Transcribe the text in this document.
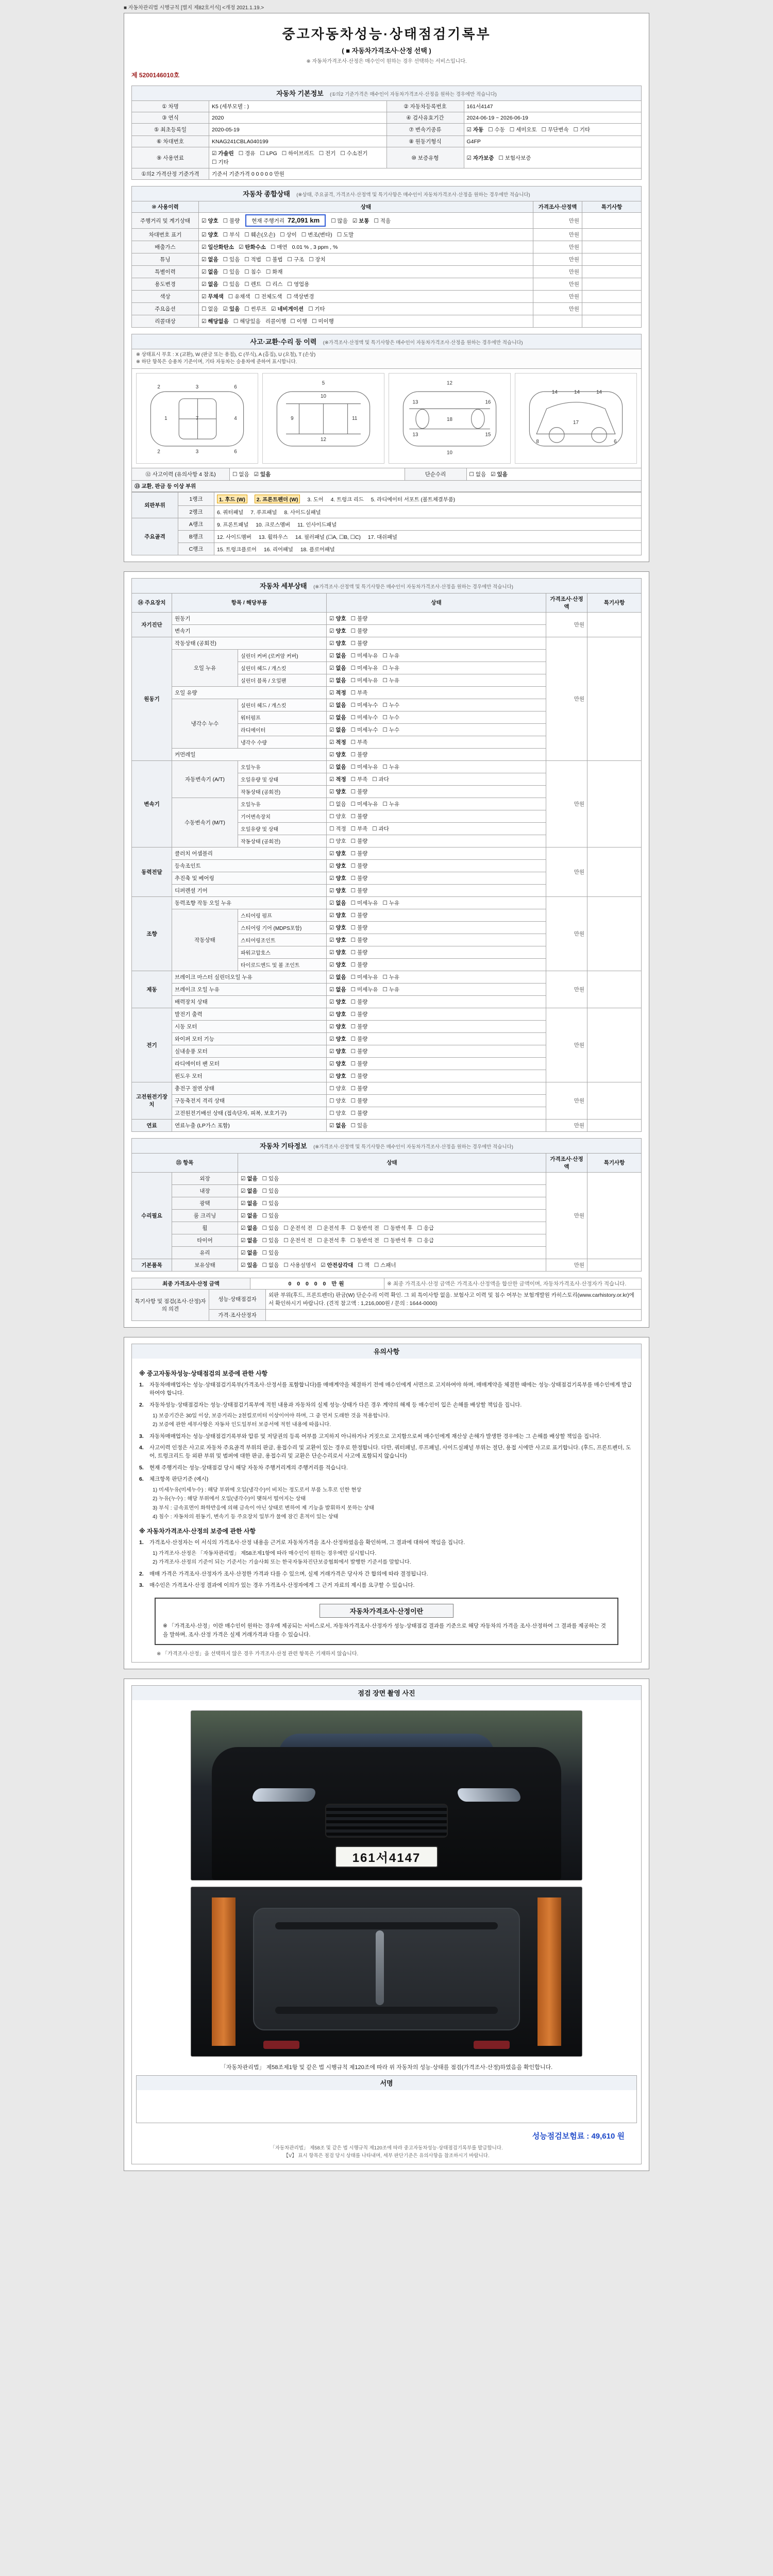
■ 자동차관리법 시행규칙 [별지 제82호서식] <개정 2021.1.19.>
중고자동차성능·상태점검기록부
( ■ 자동차가격조사·산정 선택 )
※ 자동차가격조사·산정은 매수인이 원하는 경우 선택하는 서비스입니다.
제 5200146010호
자동차 기본정보 (①의2 기준가격은 매수인이 자동차가격조사·산정을 원하는 경우에만 적습니다)
① 차명	K5 (세부모델 : )	② 자동차등록번호	161서4147
③ 연식	2020	④ 검사유효기간	2024-06-19 ~ 2026-06-19
⑤ 최초등록일	2020-05-19	⑦ 변속기종류	☑ 자동 ☐ 수동 ☐ 세미오토 ☐ 무단변속 ☐ 기타
⑥ 차대번호	KNAG241CBLA040199	⑧ 원동기형식	G4FP
⑨ 사용연료	☑ 가솔린 ☐ 경유 ☐ LPG ☐ 하이브리드 ☐ 전기 ☐ 수소전기☐ 기타	⑩ 보증유형	☑ 자가보증 ☐ 보험사보증
①의2 가격산정 기준가격	기준서 기준가격 0 0 0 0 0 만원		
자동차 종합상태 (※상태, 주요골격, 가격조사·산정액 및 특기사항은 매수인이 자동차가격조사·산정을 원하는 경우에만 적습니다)
⑩ 사용이력	상태	가격조사·산정액	특기사항
주행거리 및 계기상태	☑ 양호 ☐ 불량 현재 주행거리 72,091 km ☐ 많음 ☑ 보통 ☐ 적음	만원	
차대번호 표기	☑ 양호 ☐ 부식 ☐ 훼손(오손) ☐ 상이 ☐ 변조(변타) ☐ 도말	만원	
배출가스	☑ 일산화탄소 ☑ 탄화수소 ☐ 매연 0.01 % , 3 ppm , %	만원	
튜닝	☑ 없음 ☐ 있음 ☐ 적법 ☐ 불법 ☐ 구조 ☐ 장치	만원	
특별이력	☑ 없음 ☐ 있음 ☐ 침수 ☐ 화재	만원	
용도변경	☑ 없음 ☐ 있음 ☐ 렌트 ☐ 리스 ☐ 영업용	만원	
색상	☑ 무채색 ☐ 유채색 ☐ 전체도색 ☐ 색상변경	만원	
주요옵션	☐ 없음 ☑ 있음 ☐ 썬루프 ☑ 네비게이션 ☐ 기타	만원	
리콜대상	☑ 해당없음 ☐ 해당있음 리콜이행 ☐ 이행 ☐ 미이행		
사고·교환·수리 등 이력 (※가격조사·산정액 및 특기사항은 매수인이 자동차가격조사·산정을 원하는 경우에만 적습니다)
※ 상태표시 부호 : X (교환), W (판금 또는 용접), C (부식), A (흠집), U (요철), T (손상)
※ 하단 항목은 승용차 기준이며, 기타 자동차는 승용차에 준하여 표시합니다.
7
2
2
3
3
4
6
6
1	9
10
11
5
12
13
13
16
15
18
12
10
14	14	14
17
8	6
⑫ 사고이력 (유의사항 4 참조)	☐ 없음 ☑ 있음	단순수리	☐ 없음 ☑ 있음
⑬ 교환, 판금 등 이상 부위
외판부위	1랭크	1. 후드 (W) 2. 프론트펜더 (W) 3. 도어 4. 트렁크 리드 5. 라디에이터 서포트 (볼트체결부품)
	2랭크	6. 쿼터패널 7. 루프패널 8. 사이드실패널
주요골격	A랭크	9. 프론트패널 10. 크로스멤버 11. 인사이드패널
	B랭크	12. 사이드멤버 13. 휠하우스 14. 필러패널 (☐A, ☐B, ☐C) 17. 대쉬패널
	C랭크	15. 트렁크플로어 16. 리어패널 18. 플로어패널
자동차 세부상태 (※가격조사·산정액 및 특기사항은 매수인이 자동차가격조사·산정을 원하는 경우에만 적습니다)
⑭ 주요장치	항목 / 해당부품		상태	가격조사·산정액	특기사항
자기진단	원동기		☑ 양호 ☐ 불량	만원	
	변속기		☑ 양호 ☐ 불량		
원동기	작동상태 (공회전)		☑ 양호 ☐ 불량	만원	
	오일 누유	실린더 커버 (로커암 커버)	☑ 없음 ☐ 미세누유 ☐ 누유		
		실린더 헤드 / 개스킷	☑ 없음 ☐ 미세누유 ☐ 누유		
		실린더 블록 / 오일팬	☑ 없음 ☐ 미세누유 ☐ 누유		
	오일 유량		☑ 적정 ☐ 부족		
	냉각수 누수	실린더 헤드 / 개스킷	☑ 없음 ☐ 미세누수 ☐ 누수		
		워터펌프	☑ 없음 ☐ 미세누수 ☐ 누수		
		라디에이터	☑ 없음 ☐ 미세누수 ☐ 누수		
		냉각수 수량	☑ 적정 ☐ 부족		
	커먼레일		☑ 양호 ☐ 불량		
변속기	자동변속기 (A/T)	오일누유	☑ 없음 ☐ 미세누유 ☐ 누유	만원	
		오일유량 및 상태	☑ 적정 ☐ 부족 ☐ 과다		
		작동상태 (공회전)	☑ 양호 ☐ 불량		
	수동변속기 (M/T)	오일누유	☐ 없음 ☐ 미세누유 ☐ 누유		
		기어변속장치	☐ 양호 ☐ 불량		
		오일유량 및 상태	☐ 적정 ☐ 부족 ☐ 과다		
		작동상태 (공회전)	☐ 양호 ☐ 불량		
동력전달	클러치 어셈블리		☑ 양호 ☐ 불량	만원	
	등속조인트		☑ 양호 ☐ 불량		
	추진축 및 베어링		☑ 양호 ☐ 불량		
	디퍼렌셜 기어		☑ 양호 ☐ 불량		
조향	동력조향 작동 오일 누유		☑ 없음 ☐ 미세누유 ☐ 누유	만원	
	작동상태	스티어링 펌프	☑ 양호 ☐ 불량		
		스티어링 기어 (MDPS포함)	☑ 양호 ☐ 불량		
		스티어링조인트	☑ 양호 ☐ 불량		
		파워고압호스	☑ 양호 ☐ 불량		
		타이로드엔드 및 볼 조인트	☑ 양호 ☐ 불량		
제동	브레이크 마스터 실린더오일 누유		☑ 없음 ☐ 미세누유 ☐ 누유	만원	
	브레이크 오일 누유		☑ 없음 ☐ 미세누유 ☐ 누유		
	배력장치 상태		☑ 양호 ☐ 불량		
전기	발전기 출력		☑ 양호 ☐ 불량	만원	
	시동 모터		☑ 양호 ☐ 불량		
	와이퍼 모터 기능		☑ 양호 ☐ 불량		
	실내송풍 모터		☑ 양호 ☐ 불량		
	라디에이터 팬 모터		☑ 양호 ☐ 불량		
	윈도우 모터		☑ 양호 ☐ 불량		
고전원전기장치	충전구 절연 상태		☐ 양호 ☐ 불량	만원	
	구동축전지 격리 상태		☐ 양호 ☐ 불량		
	고전원전기배선 상태 (접속단자, 피복, 보호기구)		☐ 양호 ☐ 불량		
연료	연료누출 (LP가스 포함)		☑ 없음 ☐ 있음	만원	
자동차 기타정보 (※가격조사·산정액 및 특기사항은 매수인이 자동차가격조사·산정을 원하는 경우에만 적습니다)
⑮ 항목		상태	가격조사·산정액	특기사항
수리필요	외장	☑ 없음 ☐ 있음	만원	
	내장	☑ 없음 ☐ 있음		
	광택	☑ 없음 ☐ 있음		
	룸 크리닝	☑ 없음 ☐ 있음		
	휠	☑ 없음 ☐ 있음 ☐ 운전석 전 ☐ 운전석 후 ☐ 동반석 전 ☐ 동반석 후 ☐ 응급		
	타이어	☑ 없음 ☐ 있음 ☐ 운전석 전 ☐ 운전석 후 ☐ 동반석 전 ☐ 동반석 후 ☐ 응급		
	유리	☑ 없음 ☐ 있음		
기본품목	보유상태	☑ 있음 ☐ 없음 ☐ 사용설명서 ☑ 안전삼각대 ☐ 잭 ☐ 스패너	만원	
최종 가격조사·산정 금액	0 0 0 0 0 만원	※ 최종 가격조사·산정 금액은 가격조사·산정액을 합산한 금액이며, 자동차가격조사·산정자가 적습니다.
특기사항 및 점검(조사·산정)자의 의견	성능·상태점검자	외판 부위(후드, 프론트펜더) 판금(W) 단순수리 이력 확인. 그 외 특이사항 없음. 보험사고 이력 및 침수 여부는 보험개발원 카히스토리(www.carhistory.or.kr)에서 확인하시기 바랍니다. (견적 참고액 : 1,216,000원 / 문의 : 1644-0000)
	가격·조사산정자	
유의사항
※ 중고자동차성능·상태점검의 보증에 관한 사항
1.	자동차매매업자는 성능·상태점검기록부(가격조사·산정서를 포함합니다)를 매매계약을 체결하기 전에 매수인에게 서면으로 고지하여야 하며, 매매계약을 체결한 때에는 성능·상태점검기록부를 매수인에게 발급하여야 합니다.
2.	자동차성능·상태점검자는 성능·상태점검기록부에 적힌 내용과 자동차의 실제 성능·상태가 다른 경우 계약의 해제 등 매수인이 입은 손해를 배상할 책임을 집니다.
1) 보증기간은 30일 이상, 보증거리는 2천킬로미터 이상이어야 하며, 그 중 먼저 도래한 것을 적용합니다.
2) 보증에 관한 세부사항은 자동차 인도일부터 보증서에 적힌 내용에 따릅니다.
3.	자동차매매업자는 성능·상태점검기록부와 압류 및 저당권의 등록 여부를 고지하지 아니하거나 거짓으로 고지함으로써 매수인에게 재산상 손해가 발생한 경우에는 그 손해를 배상할 책임을 집니다.
4.	사고이력 인정은 사고로 자동차 주요골격 부위의 판금, 용접수리 및 교환이 있는 경우로 한정합니다. 다만, 쿼터패널, 루프패널, 사이드실패널 부위는 절단, 용접 시에만 사고로 표기합니다. (후드, 프론트펜더, 도어, 트렁크리드 등 외판 부위 및 범퍼에 대한 판금, 용접수리 및 교환은 단순수리로서 사고에 포함되지 않습니다)
5.	현재 주행거리는 성능·상태점검 당시 해당 자동차 주행거리계의 주행거리를 적습니다.
6.	체크항목 판단기준 (예시)
1) 미세누유(미세누수) : 해당 부위에 오일(냉각수)이 비치는 정도로서 부품 노후로 인한 현상
2) 누유(누수) : 해당 부위에서 오일(냉각수)이 맺혀서 떨어지는 상태
3) 부식 : 금속표면이 화학반응에 의해 금속이 아닌 상태로 변하여 제 기능을 발휘하지 못하는 상태
4) 침수 : 자동차의 원동기, 변속기 등 주요장치 일부가 물에 잠긴 흔적이 있는 상태
※ 자동차가격조사·산정의 보증에 관한 사항
1.	가격조사·산정자는 이 서식의 가격조사·산정 내용을 근거로 자동차가격을 조사·산정하였음을 확인하며, 그 결과에 대하여 책임을 집니다.
1) 가격조사·산정은 「자동차관리법」 제58조제1항에 따라 매수인이 원하는 경우에만 실시합니다.
2) 가격조사·산정의 기준이 되는 기준서는 기술사회 또는 한국자동차진단보증협회에서 발행한 기준서를 말합니다.
2.	매매 가격은 가격조사·산정자가 조사·산정한 가격과 다를 수 있으며, 실제 거래가격은 당사자 간 합의에 따라 결정됩니다.
3.	매수인은 가격조사·산정 결과에 이의가 있는 경우 가격조사·산정자에게 그 근거 자료의 제시를 요구할 수 있습니다.
자동차가격조사·산정이란
※ 「가격조사·산정」이란 매수인이 원하는 경우에 제공되는 서비스로서, 자동차가격조사·산정자가 성능·상태점검 결과를 기준으로 해당 자동차의 가격을 조사·산정하여 그 결과를 제공하는 것을 말하며, 조사·산정 가격은 실제 거래가격과 다를 수 있습니다.
※ 「가격조사·산정」을 선택하지 않은 경우 가격조사·산정 관련 항목은 기재하지 않습니다.
점검 장면 촬영 사진
161서4147
「자동차관리법」 제58조제1항 및 같은 법 시행규칙 제120조에 따라 위 자동차의 성능·상태를 점검(가격조사·산정)하였음을 확인합니다.
서명
성능점검보험료 : 49,610 원
「자동차관리법」 제58조 및 같은 법 시행규칙 제120조에 따라 중고자동차성능·상태점검기록부를 발급합니다.
【V】 표시 항목은 점검 당시 상태를 나타내며, 세부 판단기준은 유의사항을 참조하시기 바랍니다.
